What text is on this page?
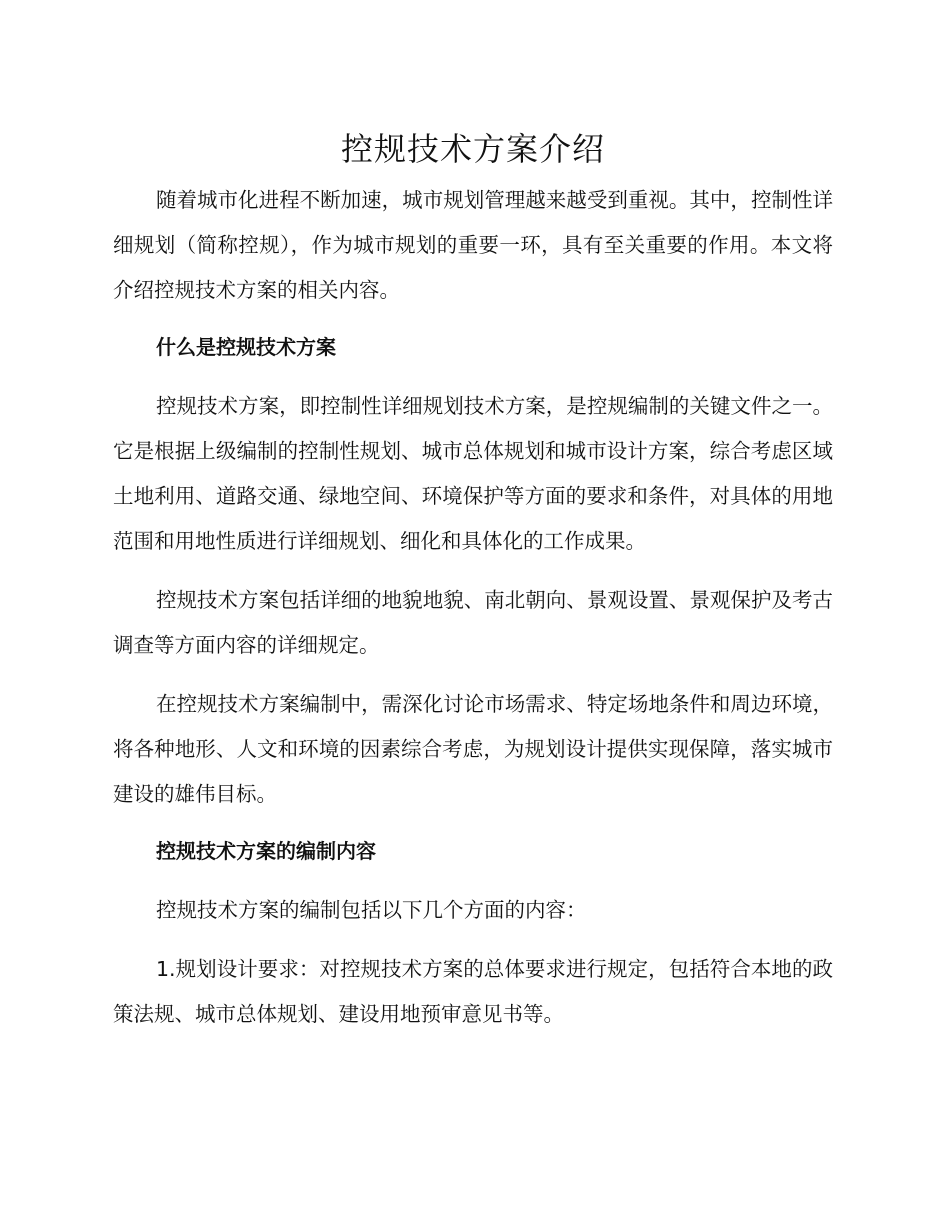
控规技术方案介绍

随着城市化进程不断加速，城市规划管理越来越受到重视。其中，控制性详细规划（简称控规），作为城市规划的重要一环，具有至关重要的作用。本文将介绍控规技术方案的相关内容。

什么是控规技术方案

控规技术方案，即控制性详细规划技术方案，是控规编制的关键文件之一。它是根据上级编制的控制性规划、城市总体规划和城市设计方案，综合考虑区域土地利用、道路交通、绿地空间、环境保护等方面的要求和条件，对具体的用地范围和用地性质进行详细规划、细化和具体化的工作成果。

控规技术方案包括详细的地貌地貌、南北朝向、景观设置、景观保护及考古调查等方面内容的详细规定。

在控规技术方案编制中，需深化讨论市场需求、特定场地条件和周边环境，将各种地形、人文和环境的因素综合考虑，为规划设计提供实现保障，落实城市建设的雄伟目标。

控规技术方案的编制内容

控规技术方案的编制包括以下几个方面的内容：

1.规划设计要求：对控规技术方案的总体要求进行规定，包括符合本地的政策法规、城市总体规划、建设用地预审意见书等。
